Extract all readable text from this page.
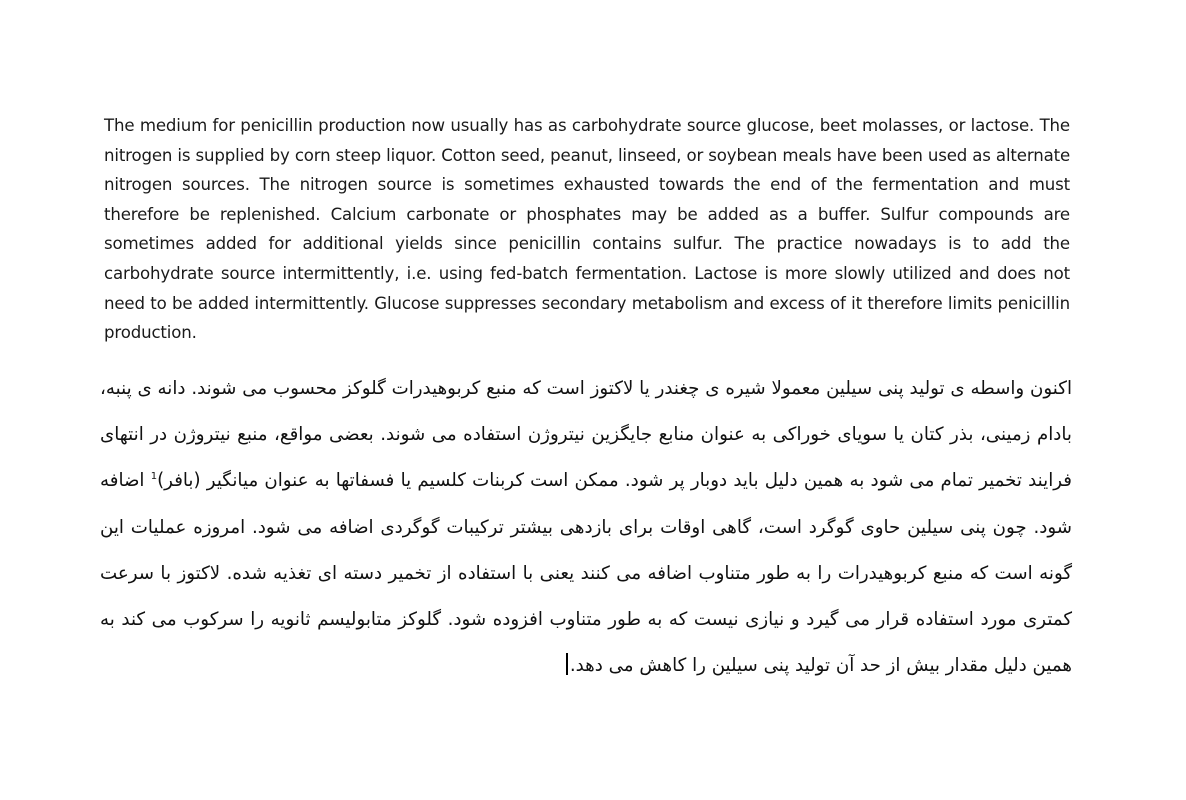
The medium for penicillin production now usually has as carbohydrate source glucose, beet molasses, or lactose. The nitrogen is supplied by corn steep liquor. Cotton seed, peanut, linseed, or soybean meals have been used as alternate nitrogen sources. The nitrogen source is sometimes exhausted towards the end of the fermentation and must therefore be replenished. Calcium carbonate or phosphates may be added as a buffer. Sulfur compounds are sometimes added for additional yields since penicillin contains sulfur. The practice nowadays is to add the carbohydrate source intermittently, i.e. using fed-batch fermentation. Lactose is more slowly utilized and does not need to be added intermittently. Glucose suppresses secondary metabolism and excess of it therefore limits penicillin production.

اکنون واسطه ی تولید پنی سیلین معمولا شیره ی چغندر یا لاکتوز است که منبع کربوهیدرات گلوکز محسوب می شوند. دانه ی پنبه، بادام زمینی، بذر کتان یا سویای خوراکی به عنوان منابع جایگزین نیتروژن استفاده می شوند. بعضی مواقع، منبع نیتروژن در انتهای فرایند تخمیر تمام می شود به همین دلیل باید دوبار پر شود. ممکن است کربنات کلسیم یا فسفاتها به عنوان میانگیر (بافر)$^1$ اضافه شود. چون پنی سیلین حاوی گوگرد است، گاهی اوقات برای بازدهی بیشتر ترکیبات گوگردی اضافه می شود. امروزه عملیات این گونه است که منبع کربوهیدرات را به طور متناوب اضافه می کنند یعنی با استفاده از تخمیر دسته ای تغذیه شده. لاکتوز با سرعت کمتری مورد استفاده قرار می گیرد و نیازی نیست که به طور متناوب افزوده شود. گلوکز متابولیسم ثانویه را سرکوب می کند به همین دلیل مقدار بیش از حد آن تولید پنی سیلین را کاهش می دهد.
